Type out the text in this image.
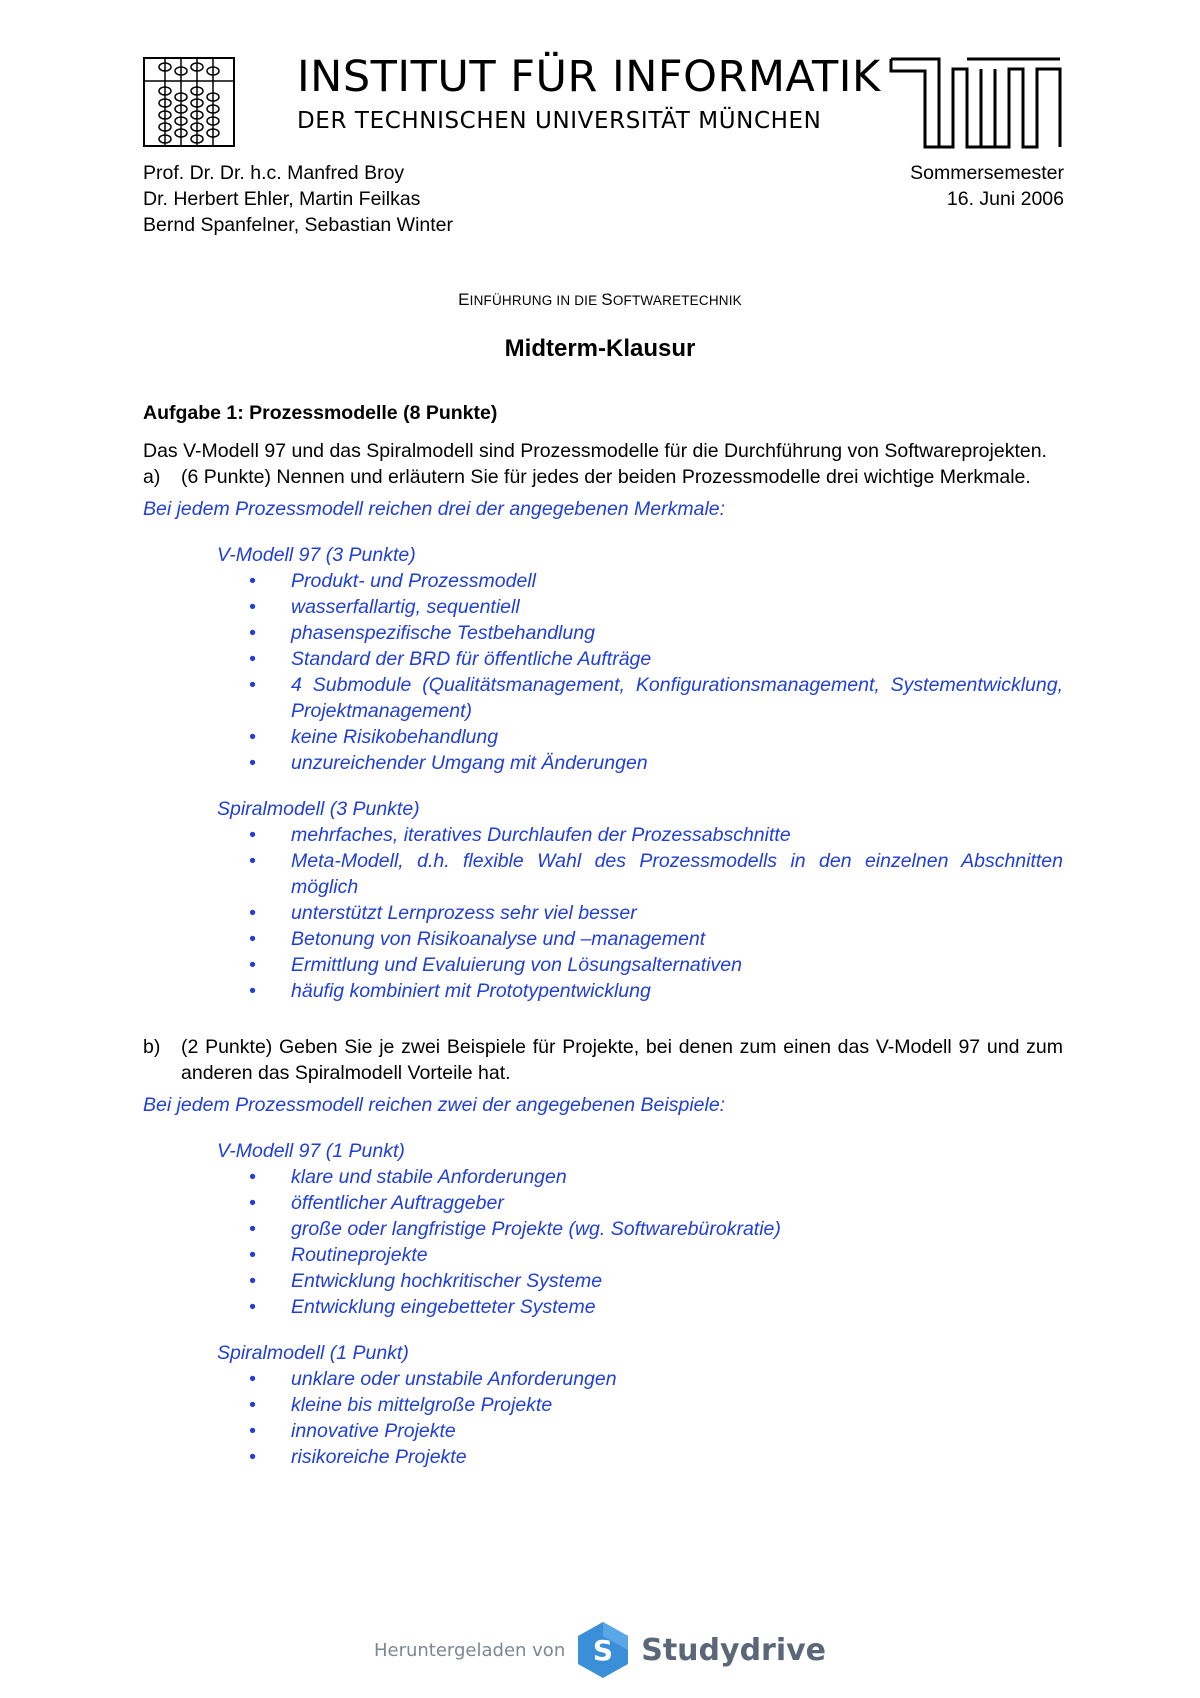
INSTITUT FÜR INFORMATIK
DER TECHNISCHEN UNIVERSITÄT MÜNCHEN
Prof. Dr. Dr. h.c. Manfred Broy
Dr. Herbert Ehler, Martin Feilkas
Bernd Spanfelner, Sebastian Winter
Sommersemester
16. Juni 2006
EINFÜHRUNG IN DIE SOFTWARETECHNIK
Midterm-Klausur

Aufgabe 1: Prozessmodelle (8 Punkte)

Das V-Modell 97 und das Spiralmodell sind Prozessmodelle für die Durchführung von Softwareprojekten.

a)	(6 Punkte) Nennen und erläutern Sie für jedes der beiden Prozessmodelle drei wichtige Merkmale.

Bei jedem Prozessmodell reichen drei der angegebenen Merkmale:

V-Modell 97 (3 Punkte)

•	Produkt- und Prozessmodell
•	wasserfallartig, sequentiell
•	phasenspezifische Testbehandlung
•	Standard der BRD für öffentliche Aufträge
•	4 Submodule (Qualitätsmanagement, Konfigurationsmanagement, Systementwicklung, Projektmanagement)
•	keine Risikobehandlung
•	unzureichender Umgang mit Änderungen

Spiralmodell (3 Punkte)

•	mehrfaches, iteratives Durchlaufen der Prozessabschnitte
•	Meta-Modell, d.h. flexible Wahl des Prozessmodells in den einzelnen Abschnitten möglich
•	unterstützt Lernprozess sehr viel besser
•	Betonung von Risikoanalyse und –management
•	Ermittlung und Evaluierung von Lösungsalternativen
•	häufig kombiniert mit Prototypentwicklung
b)	(2 Punkte) Geben Sie je zwei Beispiele für Projekte, bei denen zum einen das V-Modell 97 und zum anderen das Spiralmodell Vorteile hat.

Bei jedem Prozessmodell reichen zwei der angegebenen Beispiele:

V-Modell 97 (1 Punkt)

•	klare und stabile Anforderungen
•	öffentlicher Auftraggeber
•	große oder langfristige Projekte (wg. Softwarebürokratie)
•	Routineprojekte
•	Entwicklung hochkritischer Systeme
•	Entwicklung eingebetteter Systeme

Spiralmodell (1 Punkt)

•	unklare oder unstabile Anforderungen
•	kleine bis mittelgroße Projekte
•	innovative Projekte
•	risikoreiche Projekte
Heruntergeladen von S Studydrive
